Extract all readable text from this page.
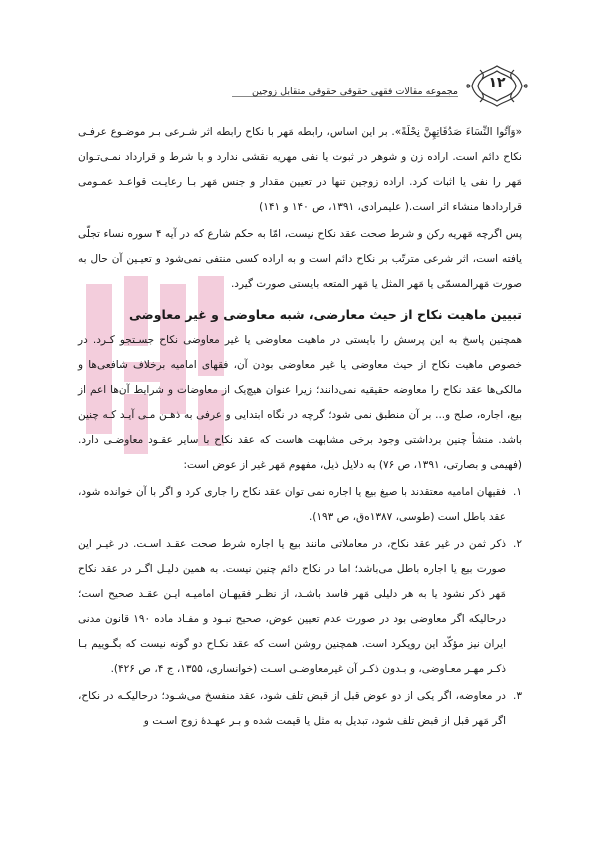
۱۲
مجموعه مقالات فقهی حقوقی حقوقی متقابل زوجین

«وَآتُوا النِّسَاءَ صَدُقَاتِهِنَّ نِحْلَةً». بر این اساس، رابطه مَهر با نکاح رابطه اثر شـرعی بـر موضـوع عرفـی نکاح دائم است. اراده زن و شوهر در ثبوت یا نفی مهریه نقشی ندارد و با شرط و قرارداد نمـی‌تـوان مَهر را نفی یا اثبات کرد. اراده زوجین تنها در تعیین مقدار و جنس مَهر بـا رعایـت قواعـد عمـومی قراردادها منشاء اثر است.( علیمرادی، ۱۳۹۱، ص ۱۴۰ و ۱۴۱)

پس اگرچه مَهریه رکن و شرط صحت عقد نکاح نیست، امّا به حکم شارع که در آیه ۴ سوره نساء تجلّی یافته است، اثر شرعی مترتّب بر نکاح دائم است و به اراده کسی منتفی نمی‌شود و تعیـین آن حال به صورت مَهرالمسمّی یا مَهر المثل یا مَهر المتعه بایستی صورت گیرد.

تبیین ماهیت نکاح از حیث معارضی، شبه معاوضی و غیر معاوضی

همچنین پاسخ به این پرسش را بایستی در ماهیت معاوضی یا غیر معاوضی نکاح جسـتجو کـرد. در خصوص ماهیت نکاح از حیث معاوضی یا غیر معاوضی بودن آن، فقهای امامیه برخلاف شافعی‌ها و مالکی‌ها عقد نکاح را معاوضه حقیقیه نمی‌دانند؛ زیرا عنوان هیچ‌یک از معاوضات و شرایط آن‌ها اعم از بیع، اجاره، صلح و... بر آن منطبق نمی شود؛ گرچه در نگاه ابتدایی و عرفی به ذهـن مـی آیـد کـه چنین باشد. منشأ چنین برداشتی وجود برخی مشابهت هاست که عقد نکاح با سایر عقـود معاوضـی دارد. (فهیمی و بصارتی، ۱۳۹۱، ص ۷۶) به دلایل ذیل، مفهوم مَهر غیر از عوض است:

۱.
فقیهان امامیه معتقدند با صیغ بیع یا اجاره نمی توان عقد نکاح را جاری کرد و اگر با آن خوانده شود، عقد باطل است (طوسی، ۱۳۸۷ه‌ق، ص ۱۹۳).
۲.
ذکر ثمن در غیر عقد نکاح، در معاملاتی مانند بیع یا اجاره شرط صحت عقـد اسـت. در غیـر این صورت بیع یا اجاره باطل می‌باشد؛ اما در نکاح دائم چنین نیست. به همین دلیـل اگـر در عقد نکاح مَهر ذکر نشود یا به هر دلیلی مَهر فاسد باشـد، از نظـر فقیهـان امامیـه ایـن عقـد صحیح است؛ درحالیکه اگر معاوضی بود در صورت عدم تعیین عوض، صحیح نبـود و مفـاد ماده ۱۹۰ قانون مدنی ایران نیز مؤکّد این رویکرد است. همچنین روشن است که عقد نکـاح دو گونه نیست که بگـوییم بـا ذکـر مهـر معـاوضی، و بـدون ذکـر آن غیرمعاوضـی اسـت (خوانساری، ۱۳۵۵، ج ۴، ص ۴۲۶).
۳.
در معاوضه، اگر یکی از دو عوض قبل از قبض تلف شود، عقد منفسخ می‌شـود؛ درحالیکـه در نکاح، اگر مَهر قبل از قبض تلف شود، تبدیل به مثل یا قیمت شده و بـر عهـدهٔ زوج اسـت و
